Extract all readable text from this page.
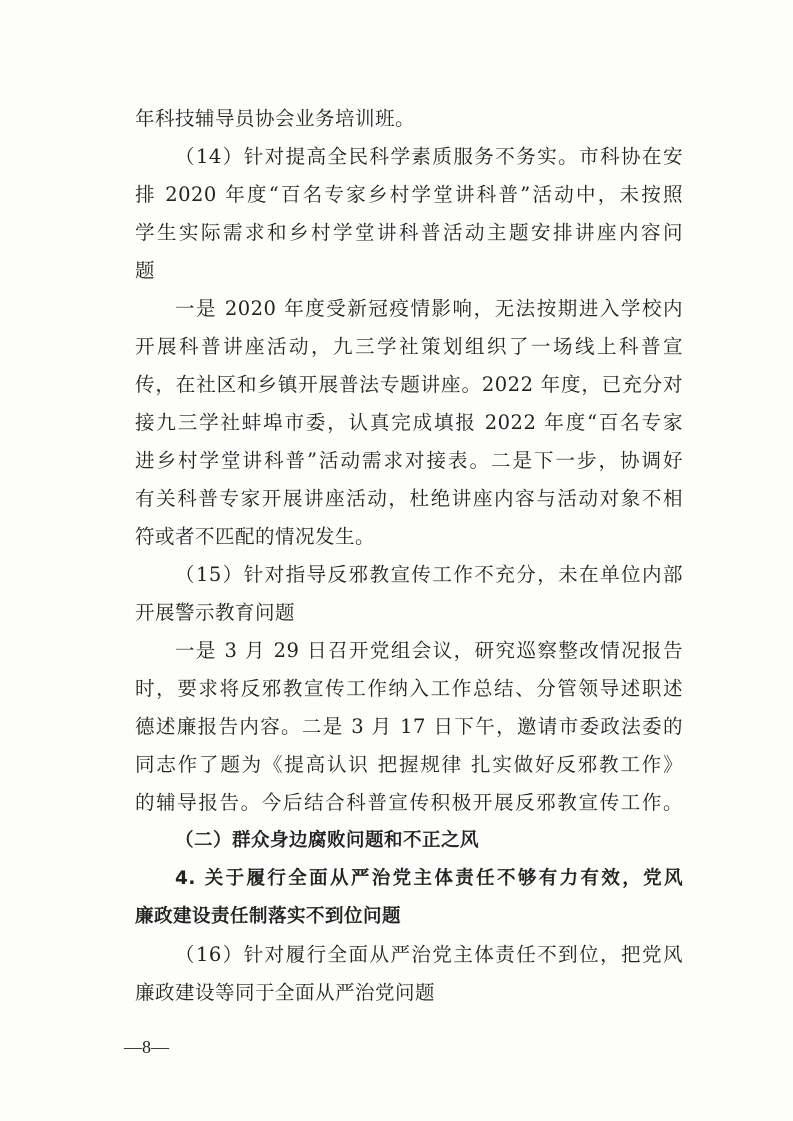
年科技辅导员协会业务培训班。
（14）针对提高全民科学素质服务不务实。市科协在安
排 2020 年度“百名专家乡村学堂讲科普”活动中，未按照
学生实际需求和乡村学堂讲科普活动主题安排讲座内容问
题
一是 2020 年度受新冠疫情影响，无法按期进入学校内
开展科普讲座活动，九三学社策划组织了一场线上科普宣
传，在社区和乡镇开展普法专题讲座。2022 年度，已充分对
接九三学社蚌埠市委，认真完成填报 2022 年度“百名专家
进乡村学堂讲科普”活动需求对接表。二是下一步，协调好
有关科普专家开展讲座活动，杜绝讲座内容与活动对象不相
符或者不匹配的情况发生。
（15）针对指导反邪教宣传工作不充分，未在单位内部
开展警示教育问题
一是 3 月 29 日召开党组会议，研究巡察整改情况报告
时，要求将反邪教宣传工作纳入工作总结、分管领导述职述
德述廉报告内容。二是 3 月 17 日下午，邀请市委政法委的
同志作了题为《提高认识 把握规律 扎实做好反邪教工作》
的辅导报告。今后结合科普宣传积极开展反邪教宣传工作。
（二）群众身边腐败问题和不正之风
4. 关于履行全面从严治党主体责任不够有力有效，党风
廉政建设责任制落实不到位问题
（16）针对履行全面从严治党主体责任不到位，把党风
廉政建设等同于全面从严治党问题
—8—
